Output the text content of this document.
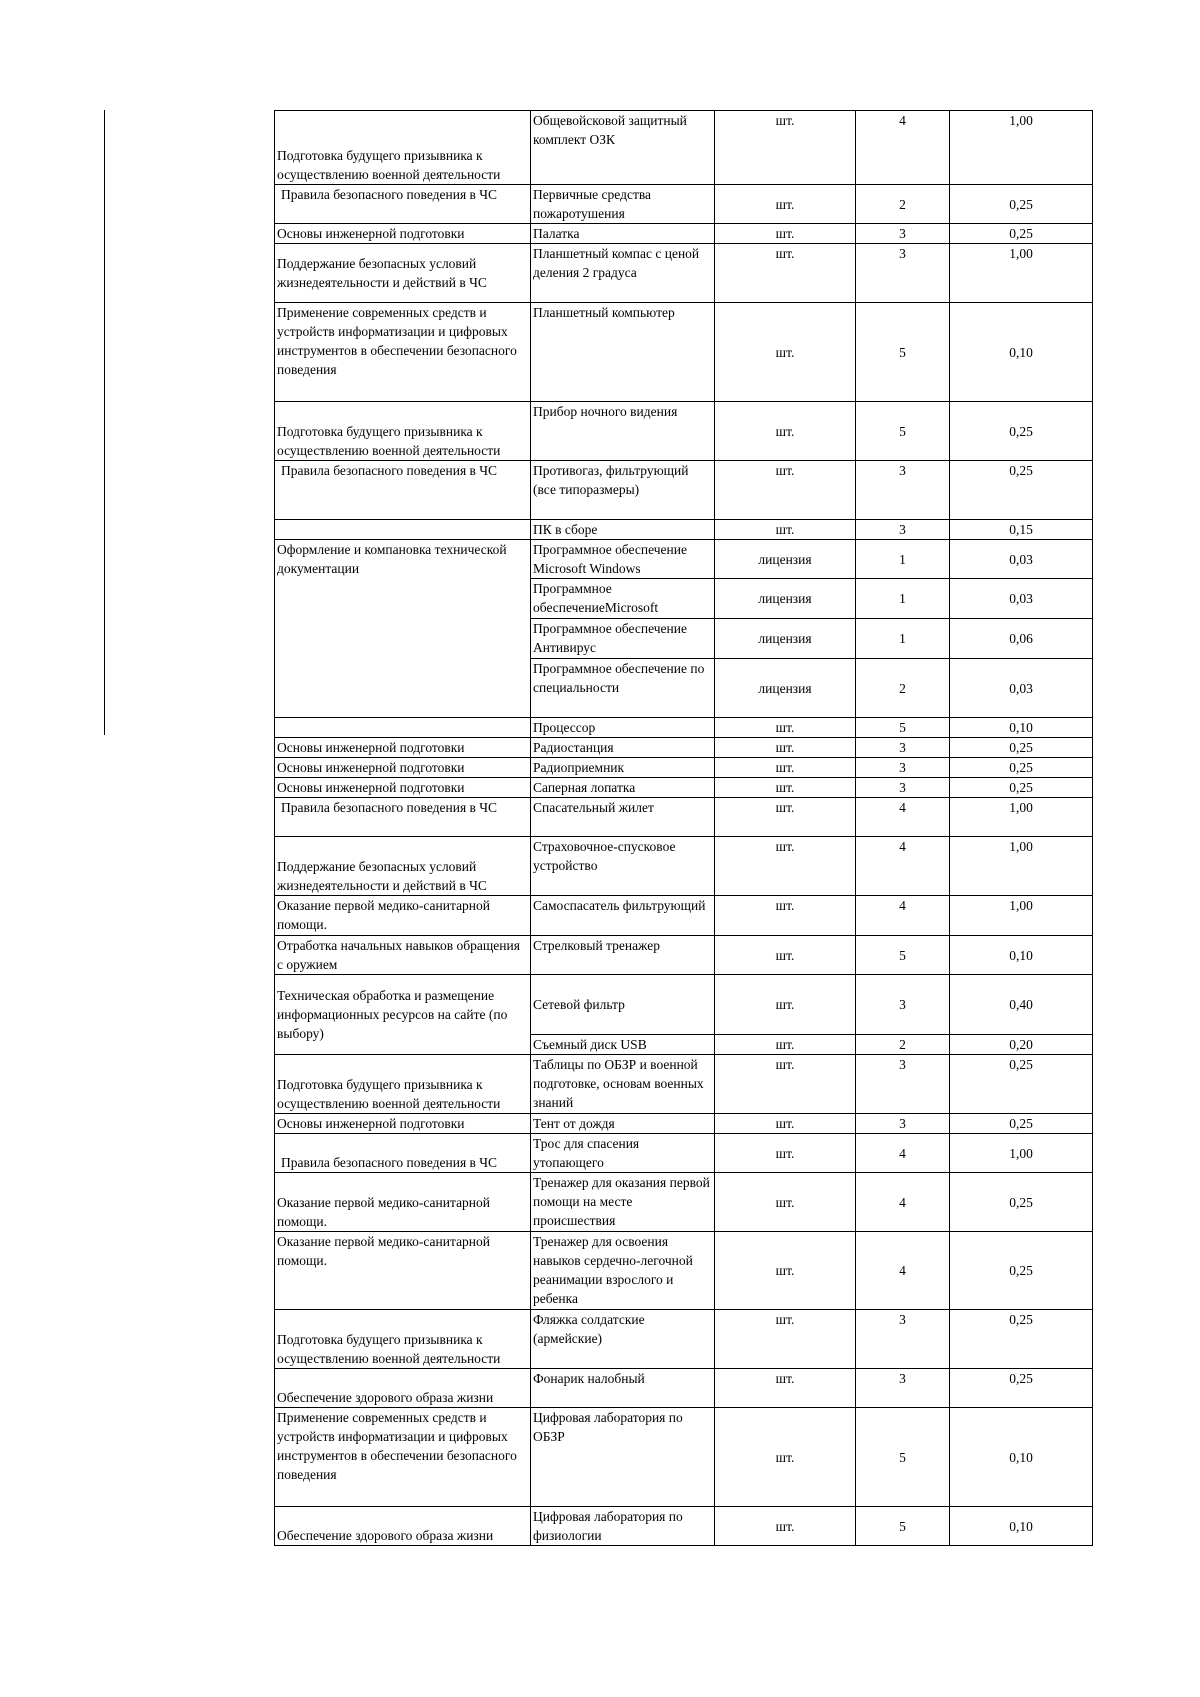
Подготовка будущего призывника к осуществлению военной деятельности	Общевойсковой защитный комплект ОЗК	шт.	4	1,00
Правила безопасного поведения в ЧС	Первичные средства пожаротушения	шт.	2	0,25
Основы инженерной подготовки	Палатка	шт.	3	0,25
Поддержание безопасных условий жизнедеятельности и действий в ЧС	Планшетный компас с ценой деления 2 градуса	шт.	3	1,00
Применение современных средств и устройств информатизации и цифровых инструментов в обеспечении безопасного поведения	Планшетный компьютер	шт.	5	0,10
Подготовка будущего призывника к осуществлению военной деятельности	Прибор ночного видения	шт.	5	0,25
Правила безопасного поведения в ЧС	Противогаз, фильтрующий (все типоразмеры)	шт.	3	0,25
	ПК в сборе	шт.	3	0,15
Оформление и компановка технической документации	Программное обеспечение Microsoft Windows	лицензия	1	0,03
	Программное обеспечениеMicrosoft	лицензия	1	0,03
	Программное обеспечение Антивирус	лицензия	1	0,06
	Программное обеспечение по специальности	лицензия	2	0,03
	Процессор	шт.	5	0,10
Основы инженерной подготовки	Радиостанция	шт.	3	0,25
Основы инженерной подготовки	Радиоприемник	шт.	3	0,25
Основы инженерной подготовки	Саперная лопатка	шт.	3	0,25
Правила безопасного поведения в ЧС	Спасательный жилет	шт.	4	1,00
Поддержание безопасных условий жизнедеятельности и действий в ЧС	Страховочное-спусковое устройство	шт.	4	1,00
Оказание первой медико-санитарной помощи.	Самоспасатель фильтрующий	шт.	4	1,00
Отработка начальных навыков обращения с оружием	Стрелковый тренажер	шт.	5	0,10
Техническая обработка и размещение информационных ресурсов на сайте (по выбору)	Сетевой фильтр	шт.	3	0,40
	Съемный диск USB	шт.	2	0,20
Подготовка будущего призывника к осуществлению военной деятельности	Таблицы по ОБЗР и военной подготовке, основам военных знаний	шт.	3	0,25
Основы инженерной подготовки	Тент от дождя	шт.	3	0,25
Правила безопасного поведения в ЧС	Трос для спасения утопающего	шт.	4	1,00
Оказание первой медико-санитарной помощи.	Тренажер для оказания первой помощи на месте происшествия	шт.	4	0,25
Оказание первой медико-санитарной помощи.	Тренажер для освоения навыков сердечно-легочной реанимации взрослого и ребенка	шт.	4	0,25
Подготовка будущего призывника к осуществлению военной деятельности	Фляжка солдатские (армейские)	шт.	3	0,25
Обеспечение здорового образа жизни	Фонарик налобный	шт.	3	0,25
Применение современных средств и устройств информатизации и цифровых инструментов в обеспечении безопасного поведения	Цифровая лаборатория по ОБЗР	шт.	5	0,10
Обеспечение здорового образа жизни	Цифровая лаборатория по физиологии	шт.	5	0,10
